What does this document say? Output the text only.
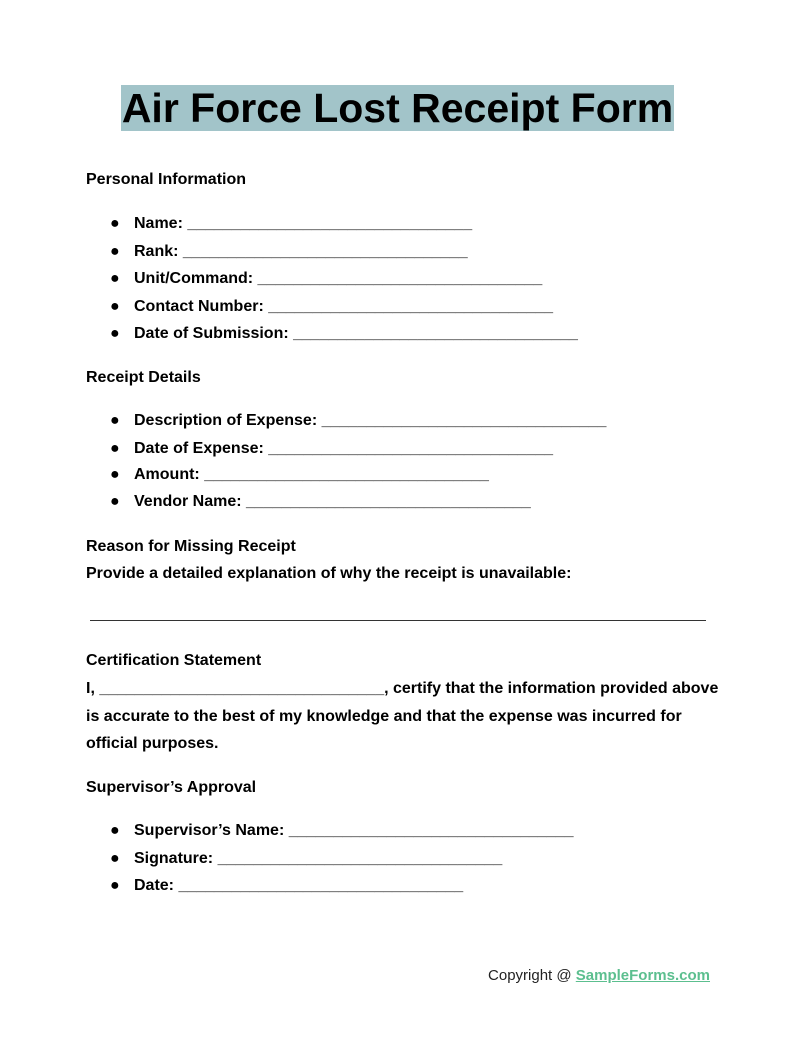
Air Force Lost Receipt Form
Personal Information
● Name: ________________________________
● Rank: ________________________________
● Unit/Command: ________________________________
● Contact Number: ________________________________
● Date of Submission: ________________________________
Receipt Details
● Description of Expense: ________________________________
● Date of Expense: ________________________________
● Amount: ________________________________
● Vendor Name: ________________________________
Reason for Missing Receipt
Provide a detailed explanation of why the receipt is unavailable:
Certification Statement
I, ________________________________, certify that the information provided above
is accurate to the best of my knowledge and that the expense was incurred for
official purposes.
Supervisor’s Approval
● Supervisor’s Name: ________________________________
● Signature: ________________________________
● Date: ________________________________
Copyright @ SampleForms.com
